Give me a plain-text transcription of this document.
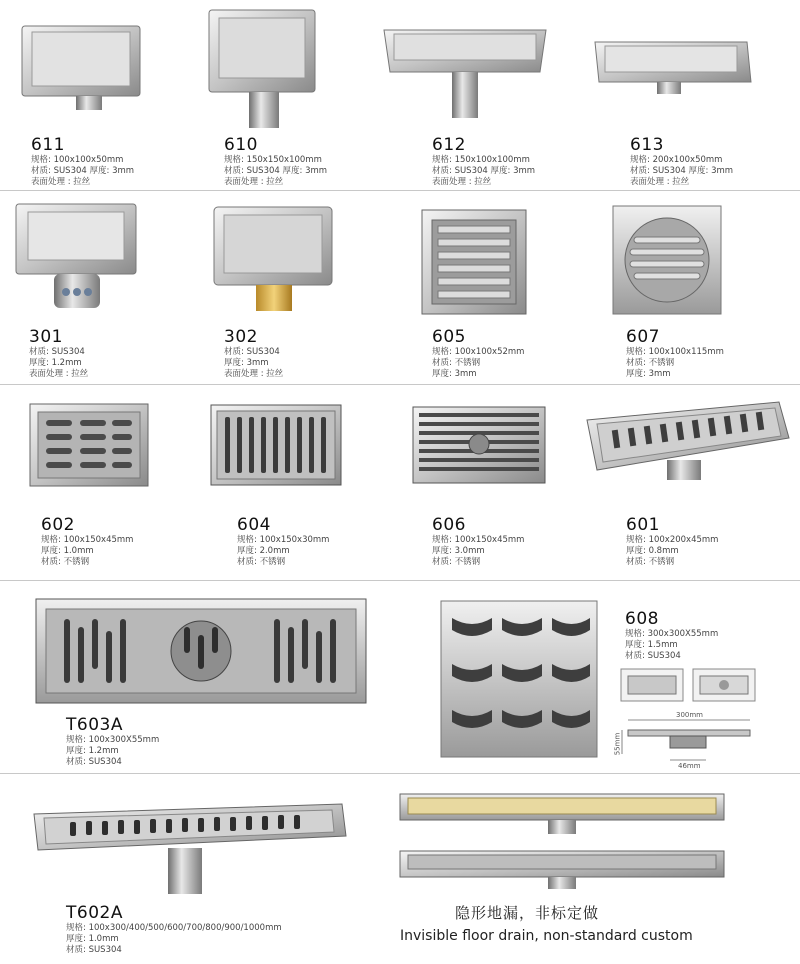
611
规格: 100x100x50mm
材质: SUS304 厚度: 3mm
表面处理 : 拉丝
610
规格: 150x150x100mm
材质: SUS304 厚度: 3mm
表面处理 : 拉丝
612
规格: 150x100x100mm
材质: SUS304 厚度: 3mm
表面处理 : 拉丝
613
规格: 200x100x50mm
材质: SUS304 厚度: 3mm
表面处理 : 拉丝
301
材质: SUS304
厚度: 1.2mm
表面处理 : 拉丝
302
材质: SUS304
厚度: 3mm
表面处理 : 拉丝
605
规格: 100x100x52mm
材质: 不锈钢
厚度: 3mm
607
规格: 100x100x115mm
材质: 不锈钢
厚度: 3mm
602
规格: 100x150x45mm
厚度: 1.0mm
材质: 不锈钢
604
规格: 100x150x30mm
厚度: 2.0mm
材质: 不锈钢
606
规格: 100x150x45mm
厚度: 3.0mm
材质: 不锈钢
601
规格: 100x200x45mm
厚度: 0.8mm
材质: 不锈钢
300mm
55mm
46mm
T603A
规格: 100x300X55mm
厚度: 1.2mm
材质: SUS304
608
规格: 300x300X55mm
厚度: 1.5mm
材质: SUS304
T602A
规格: 100x300/400/500/600/700/800/900/1000mm
厚度: 1.0mm
材质: SUS304
隐形地漏，非标定做
Invisible floor drain, non-standard custom
